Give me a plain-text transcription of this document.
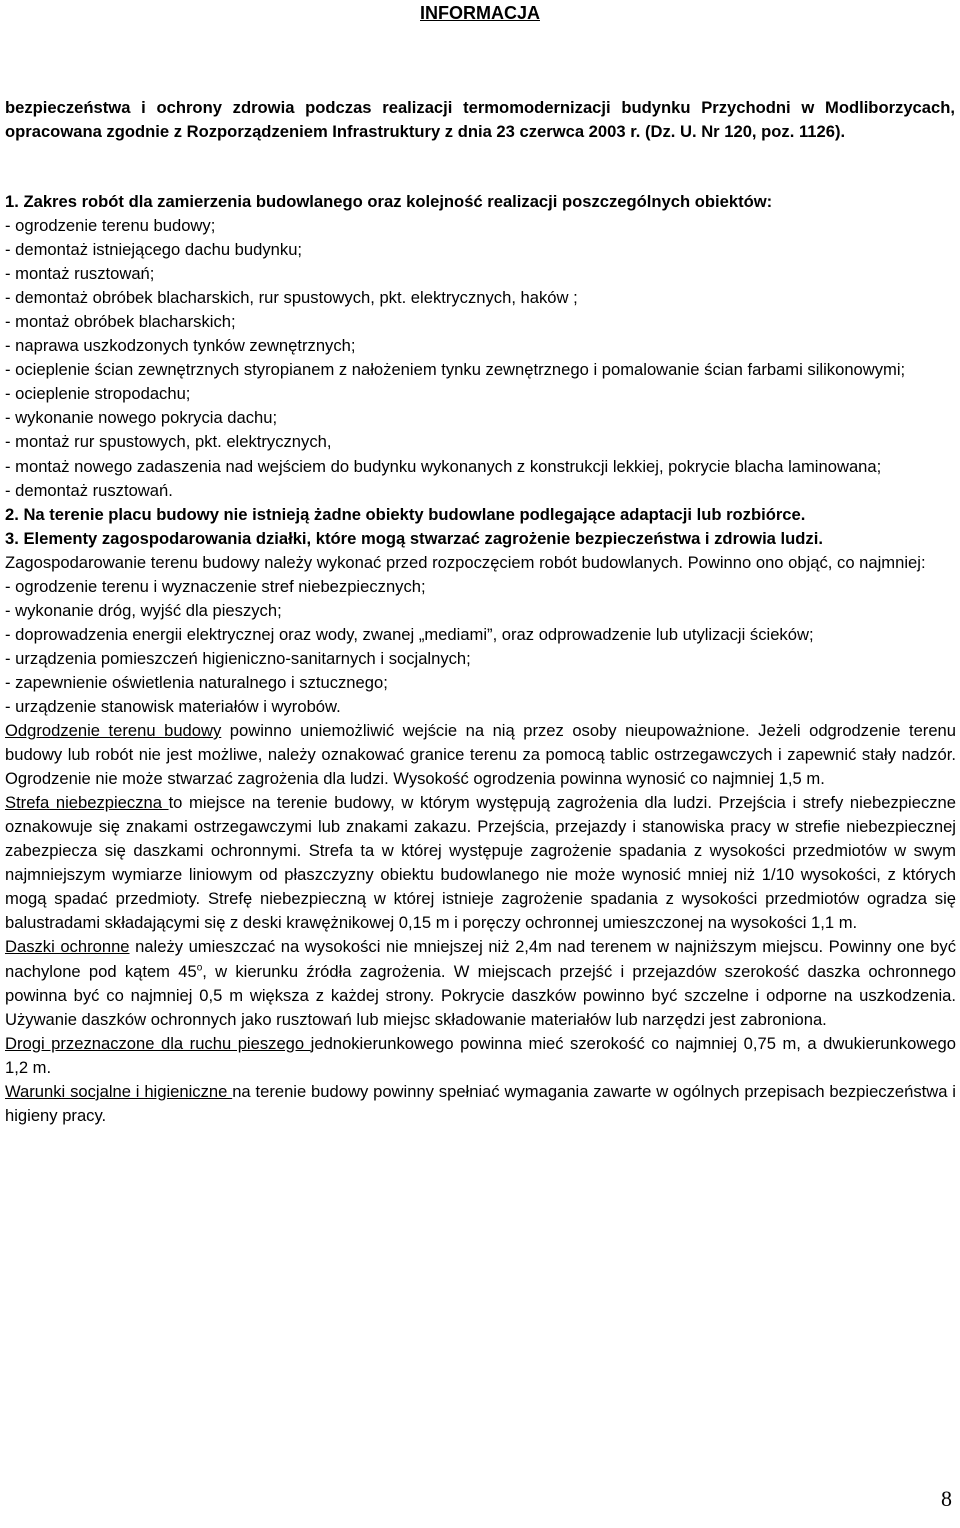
INFORMACJA
bezpieczeństwa i ochrony zdrowia podczas realizacji termomodernizacji budynku Przychodni w Modliborzycach, opracowana zgodnie z Rozporządzeniem Infrastruktury z dnia 23 czerwca 2003 r. (Dz. U. Nr 120, poz. 1126).

1. Zakres robót dla zamierzenia budowlanego oraz kolejność realizacji poszczególnych obiektów:

- ogrodzenie terenu budowy;

- demontaż istniejącego dachu budynku;

- montaż rusztowań;

- demontaż obróbek blacharskich, rur spustowych, pkt. elektrycznych, haków ;

- montaż obróbek blacharskich;

- naprawa uszkodzonych tynków zewnętrznych;

- ocieplenie ścian zewnętrznych styropianem z nałożeniem tynku zewnętrznego i pomalowanie ścian farbami silikonowymi;

- ocieplenie stropodachu;

- wykonanie nowego pokrycia dachu;

- montaż rur spustowych, pkt. elektrycznych,

- montaż nowego zadaszenia nad wejściem do budynku wykonanych z konstrukcji lekkiej, pokrycie blacha laminowana;

- demontaż rusztowań.

2. Na terenie placu budowy nie istnieją żadne obiekty budowlane podlegające adaptacji lub rozbiórce.

3. Elementy zagospodarowania działki, które mogą stwarzać zagrożenie bezpieczeństwa i zdrowia ludzi.

Zagospodarowanie terenu budowy należy wykonać przed rozpoczęciem robót budowlanych. Powinno ono objąć, co najmniej:

- ogrodzenie terenu i wyznaczenie stref niebezpiecznych;

- wykonanie dróg, wyjść dla pieszych;

- doprowadzenia energii elektrycznej oraz wody, zwanej „mediami”, oraz odprowadzenie lub utylizacji ścieków;

- urządzenia pomieszczeń higieniczno-sanitarnych i socjalnych;

- zapewnienie oświetlenia naturalnego i sztucznego;

- urządzenie stanowisk materiałów i wyrobów.

Odgrodzenie terenu budowy powinno uniemożliwić wejście na nią przez osoby nieupoważnione. Jeżeli odgrodzenie terenu budowy lub robót nie jest możliwe, należy oznakować granice terenu za pomocą tablic ostrzegawczych i zapewnić stały nadzór. Ogrodzenie nie może stwarzać zagrożenia dla ludzi. Wysokość ogrodzenia powinna wynosić co najmniej 1,5 m.

Strefa niebezpieczna to miejsce na terenie budowy, w którym występują zagrożenia dla ludzi. Przejścia i strefy niebezpieczne oznakowuje się znakami ostrzegawczymi lub znakami zakazu. Przejścia, przejazdy i stanowiska pracy w strefie niebezpiecznej zabezpiecza się daszkami ochronnymi. Strefa ta w której występuje zagrożenie spadania z wysokości przedmiotów w swym najmniejszym wymiarze liniowym od płaszczyzny obiektu budowlanego nie może wynosić mniej niż 1/10 wysokości, z których mogą spadać przedmioty. Strefę niebezpieczną w której istnieje zagrożenie spadania z wysokości przedmiotów ogradza się balustradami składającymi się z deski krawężnikowej 0,15 m i poręczy ochronnej umieszczonej na wysokości 1,1 m.

Daszki ochronne należy umieszczać na wysokości nie mniejszej niż 2,4m nad terenem w najniższym miejscu. Powinny one być nachylone pod kątem 45$^o$, w kierunku źródła zagrożenia. W miejscach przejść i przejazdów szerokość daszka ochronnego powinna być co najmniej 0,5 m większa z każdej strony. Pokrycie daszków powinno być szczelne i odporne na uszkodzenia. Używanie daszków ochronnych jako rusztowań lub miejsc składowanie materiałów lub narzędzi jest zabroniona.

Drogi przeznaczone dla ruchu pieszego jednokierunkowego powinna mieć szerokość co najmniej 0,75 m, a dwukierunkowego 1,2 m.

Warunki socjalne i higieniczne na terenie budowy powinny spełniać wymagania zawarte w ogólnych przepisach bezpieczeństwa i higieny pracy.

8
